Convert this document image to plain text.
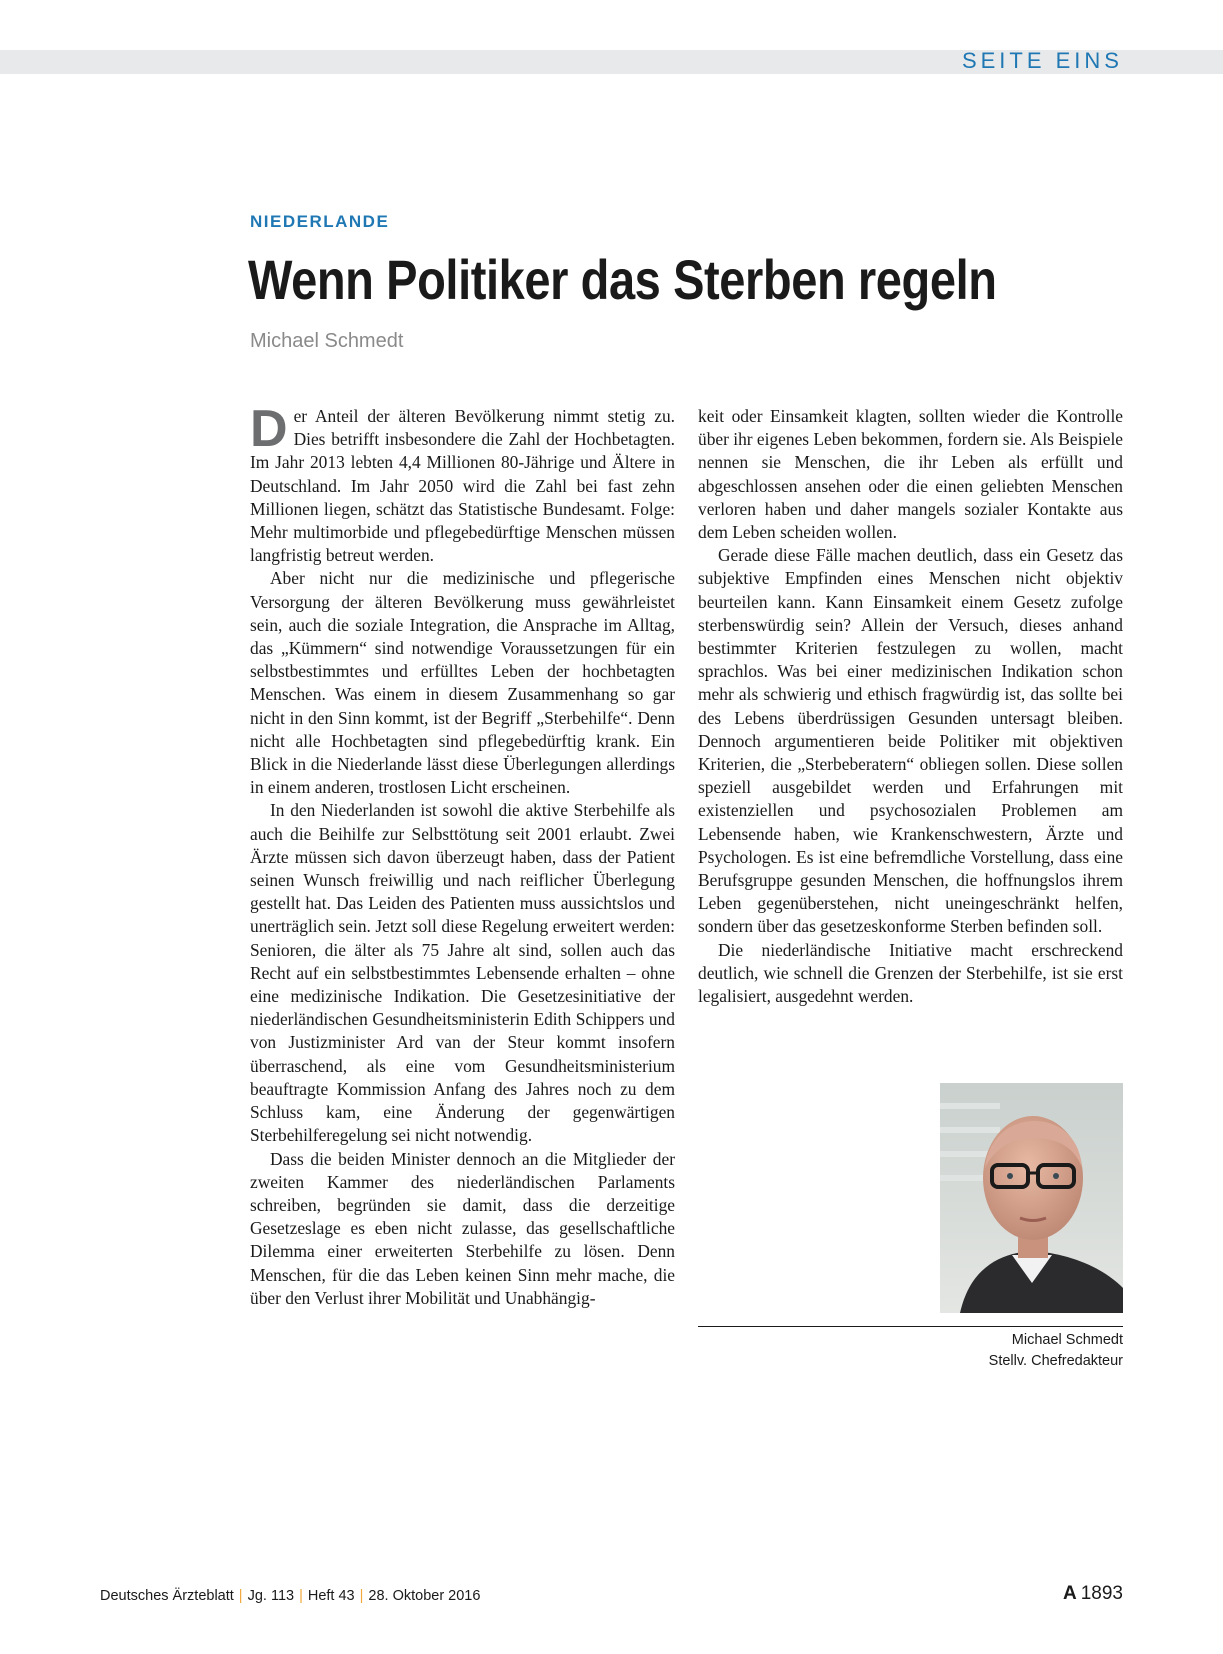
SEITE EINS
NIEDERLANDE
Wenn Politiker das Sterben regeln
Michael Schmedt

Der Anteil der älteren Bevölkerung nimmt stetig zu. Dies betrifft insbesondere die Zahl der Hochbetagten. Im Jahr 2013 lebten 4,4 Millionen 80-Jährige und Ältere in Deutschland. Im Jahr 2050 wird die Zahl bei fast zehn Millionen liegen, schätzt das Statistische Bundesamt. Folge: Mehr multimorbide und pflegebedürftige Menschen müssen langfristig betreut werden.

Aber nicht nur die medizinische und pflegerische Versorgung der älteren Bevölkerung muss gewährleistet sein, auch die soziale Integration, die Ansprache im Alltag, das „Kümmern“ sind notwendige Voraussetzungen für ein selbstbestimmtes und erfülltes Leben der hochbetagten Menschen. Was einem in diesem Zusammenhang so gar nicht in den Sinn kommt, ist der Begriff „Sterbehilfe“. Denn nicht alle Hochbetagten sind pflegebedürftig krank. Ein Blick in die Niederlande lässt diese Überlegungen allerdings in einem anderen, trostlosen Licht erscheinen.

In den Niederlanden ist sowohl die aktive Sterbehilfe als auch die Beihilfe zur Selbsttötung seit 2001 erlaubt. Zwei Ärzte müssen sich davon überzeugt haben, dass der Patient seinen Wunsch freiwillig und nach reiflicher Überlegung gestellt hat. Das Leiden des Patienten muss aussichtslos und unerträglich sein. Jetzt soll diese Regelung erweitert werden: Senioren, die älter als 75 Jahre alt sind, sollen auch das Recht auf ein selbstbestimmtes Lebensende erhalten – ohne eine medizinische Indikation. Die Gesetzesinitiative der niederländischen Gesundheitsministerin Edith Schippers und von Justizminister Ard van der Steur kommt insofern überraschend, als eine vom Gesundheitsministerium beauftragte Kommission Anfang des Jahres noch zu dem Schluss kam, eine Änderung der gegenwärtigen Sterbehilferegelung sei nicht notwendig.

Dass die beiden Minister dennoch an die Mitglieder der zweiten Kammer des niederländischen Parlaments schreiben, begründen sie damit, dass die derzeitige Gesetzeslage es eben nicht zulasse, das gesellschaftliche Dilemma einer erweiterten Sterbehilfe zu lösen. Denn Menschen, für die das Leben keinen Sinn mehr mache, die über den Verlust ihrer Mobilität und Unabhängig-

keit oder Einsamkeit klagten, sollten wieder die Kontrolle über ihr eigenes Leben bekommen, fordern sie. Als Beispiele nennen sie Menschen, die ihr Leben als erfüllt und abgeschlossen ansehen oder die einen geliebten Menschen verloren haben und daher mangels sozialer Kontakte aus dem Leben scheiden wollen.

Gerade diese Fälle machen deutlich, dass ein Gesetz das subjektive Empfinden eines Menschen nicht objektiv beurteilen kann. Kann Einsamkeit einem Gesetz zufolge sterbenswürdig sein? Allein der Versuch, dieses anhand bestimmter Kriterien festzulegen zu wollen, macht sprachlos. Was bei einer medizinischen Indikation schon mehr als schwierig und ethisch fragwürdig ist, das sollte bei des Lebens überdrüssigen Gesunden untersagt bleiben. Dennoch argumentieren beide Politiker mit objektiven Kriterien, die „Sterbeberatern“ obliegen sollen. Diese sollen speziell ausgebildet werden und Erfahrungen mit existenziellen und psychosozialen Problemen am Lebensende haben, wie Krankenschwestern, Ärzte und Psychologen. Es ist eine befremdliche Vorstellung, dass eine Berufsgruppe gesunden Menschen, die hoffnungslos ihrem Leben gegenüberstehen, nicht uneingeschränkt helfen, sondern über das gesetzeskonforme Sterben befinden soll.

Die niederländische Initiative macht erschreckend deutlich, wie schnell die Grenzen der Sterbehilfe, ist sie erst legalisiert, ausgedehnt werden.

Michael Schmedt
Stellv. Chefredakteur
Deutsches Ärzteblatt | Jg. 113 | Heft 43 | 28. Oktober 2016	A 1893
